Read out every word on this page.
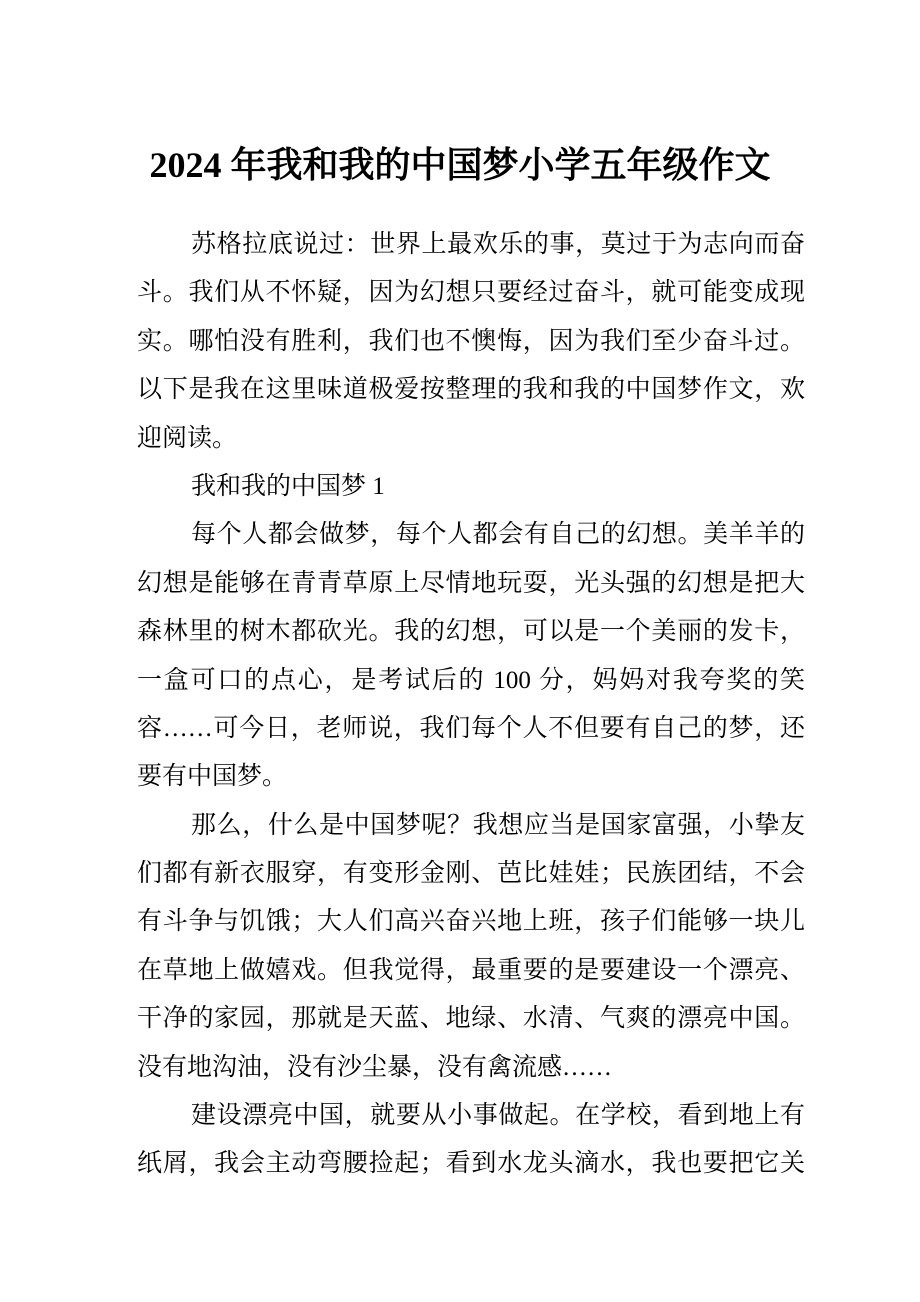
2024 年我和我的中国梦小学五年级作文
苏格拉底说过：世界上最欢乐的事，莫过于为志向而奋
斗。我们从不怀疑，因为幻想只要经过奋斗，就可能变成现
实。哪怕没有胜利，我们也不懊悔，因为我们至少奋斗过。
以下是我在这里味道极爱按整理的我和我的中国梦作文，欢
迎阅读。
我和我的中国梦 1
每个人都会做梦，每个人都会有自己的幻想。美羊羊的
幻想是能够在青青草原上尽情地玩耍，光头强的幻想是把大
森林里的树木都砍光。我的幻想，可以是一个美丽的发卡，
一盒可口的点心，是考试后的 100 分，妈妈对我夸奖的笑
容……可今日，老师说，我们每个人不但要有自己的梦，还
要有中国梦。
那么，什么是中国梦呢？我想应当是国家富强，小挚友
们都有新衣服穿，有变形金刚、芭比娃娃；民族团结，不会
有斗争与饥饿；大人们高兴奋兴地上班，孩子们能够一块儿
在草地上做嬉戏。但我觉得，最重要的是要建设一个漂亮、
干净的家园，那就是天蓝、地绿、水清、气爽的漂亮中国。
没有地沟油，没有沙尘暴，没有禽流感……
建设漂亮中国，就要从小事做起。在学校，看到地上有
纸屑，我会主动弯腰捡起；看到水龙头滴水，我也要把它关
